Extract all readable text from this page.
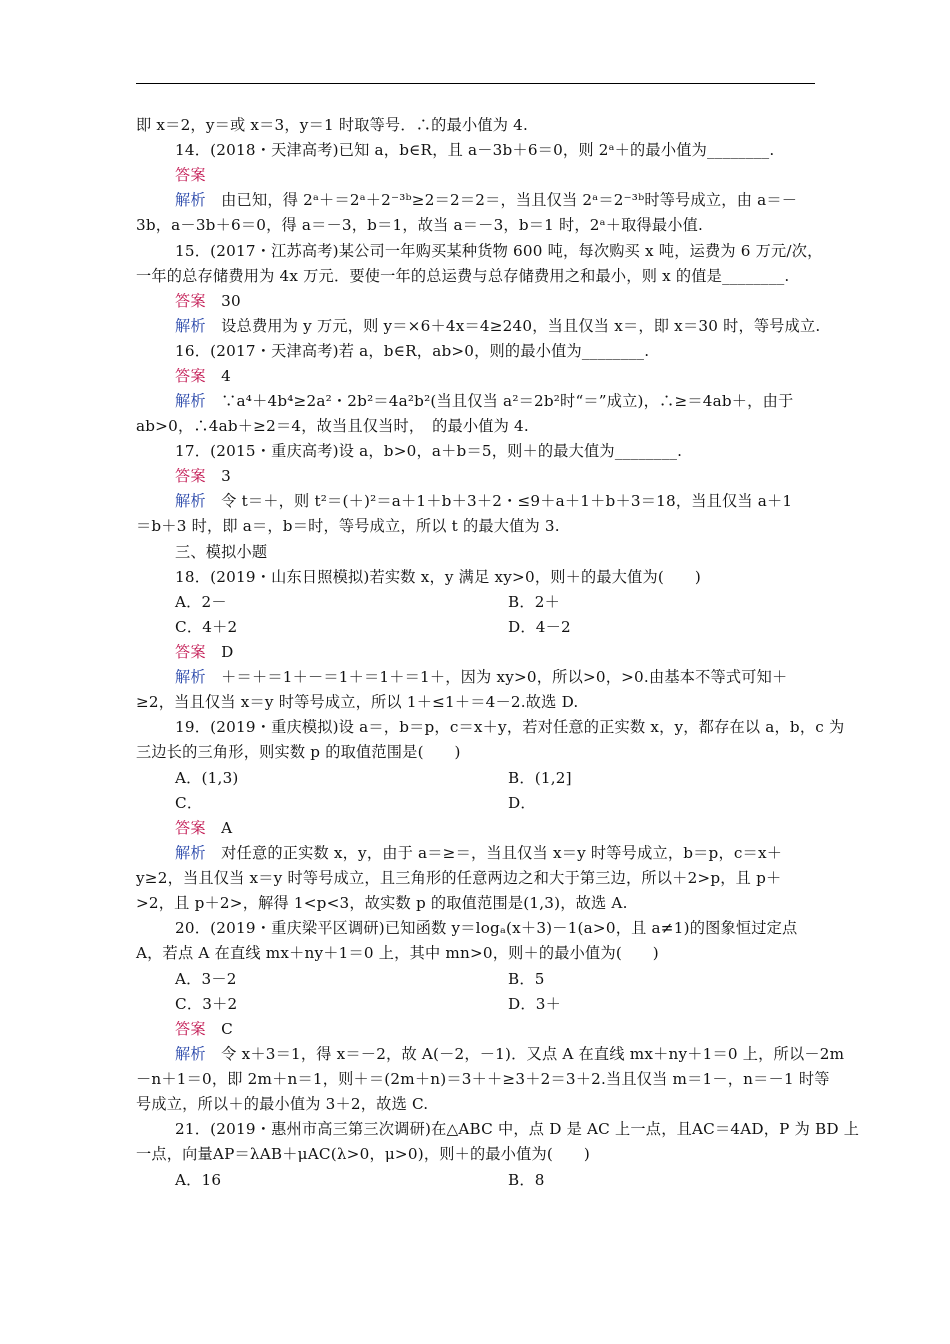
即 x＝2，y＝或 x＝3，y＝1 时取等号．∴的最小值为 4.
14．(2018・天津高考)已知 a，b∈R，且 a－3b＋6＝0，则 2ᵃ＋的最小值为________.
答案
解析　由已知，得 2ᵃ＋＝2ᵃ＋2⁻³ᵇ≥2＝2＝2＝，当且仅当 2ᵃ＝2⁻³ᵇ时等号成立，由 a＝－
3b，a－3b＋6＝0，得 a＝－3，b＝1，故当 a＝－3，b＝1 时，2ᵃ＋取得最小值.
15．(2017・江苏高考)某公司一年购买某种货物 600 吨，每次购买 x 吨，运费为 6 万元/次，
一年的总存储费用为 4x 万元．要使一年的总运费与总存储费用之和最小，则 x 的值是________.
答案　30
解析　设总费用为 y 万元，则 y＝×6＋4x＝4≥240，当且仅当 x＝，即 x＝30 时，等号成立.
16．(2017・天津高考)若 a，b∈R，ab>0，则的最小值为________.
答案　4
解析　∵a⁴＋4b⁴≥2a²・2b²＝4a²b²(当且仅当 a²＝2b²时“＝”成立)，∴≥＝4ab＋，由于
ab>0，∴4ab＋≥2＝4，故当且仅当时，　的最小值为 4.
17．(2015・重庆高考)设 a，b>0，a＋b＝5，则＋的最大值为________.
答案　3
解析　令 t＝＋，则 t²＝(＋)²＝a＋1＋b＋3＋2・≤9＋a＋1＋b＋3＝18，当且仅当 a＋1
＝b＋3 时，即 a＝，b＝时，等号成立，所以 t 的最大值为 3.
三、模拟小题
18．(2019・山东日照模拟)若实数 x，y 满足 xy>0，则＋的最大值为(　　)
A．2－	B．2＋
C．4＋2	D．4－2
答案　D
解析　＋＝＋＝1＋－＝1＋＝1＋＝1＋，因为 xy>0，所以>0，>0.由基本不等式可知＋
≥2，当且仅当 x＝y 时等号成立，所以 1＋≤1＋＝4－2.故选 D.
19．(2019・重庆模拟)设 a＝，b＝p，c＝x＋y，若对任意的正实数 x，y，都存在以 a，b，c 为
三边长的三角形，则实数 p 的取值范围是(　　)
A．(1,3)	B．(1,2]
C．	D．
答案　A
解析　对任意的正实数 x，y，由于 a＝≥＝，当且仅当 x＝y 时等号成立，b＝p，c＝x＋
y≥2，当且仅当 x＝y 时等号成立，且三角形的任意两边之和大于第三边，所以＋2>p，且 p＋
>2，且 p＋2>，解得 1<p<3，故实数 p 的取值范围是(1,3)，故选 A.
20．(2019・重庆梁平区调研)已知函数 y＝logₐ(x＋3)－1(a>0，且 a≠1)的图象恒过定点
A，若点 A 在直线 mx＋ny＋1＝0 上，其中 mn>0，则＋的最小值为(　　)
A．3－2	B．5
C．3＋2	D．3＋
答案　C
解析　令 x＋3＝1，得 x＝－2，故 A(－2，－1)．又点 A 在直线 mx＋ny＋1＝0 上，所以－2m
－n＋1＝0，即 2m＋n＝1，则＋＝(2m＋n)＝3＋＋≥3＋2＝3＋2.当且仅当 m＝1－，n＝－1 时等
号成立，所以＋的最小值为 3＋2，故选 C.
21．(2019・惠州市高三第三次调研)在△ABC 中，点 D 是 AC 上一点，且AC＝4AD，P 为 BD 上
一点，向量AP＝λAB＋μAC(λ>0，μ>0)，则＋的最小值为(　　)
A．16	B．8
